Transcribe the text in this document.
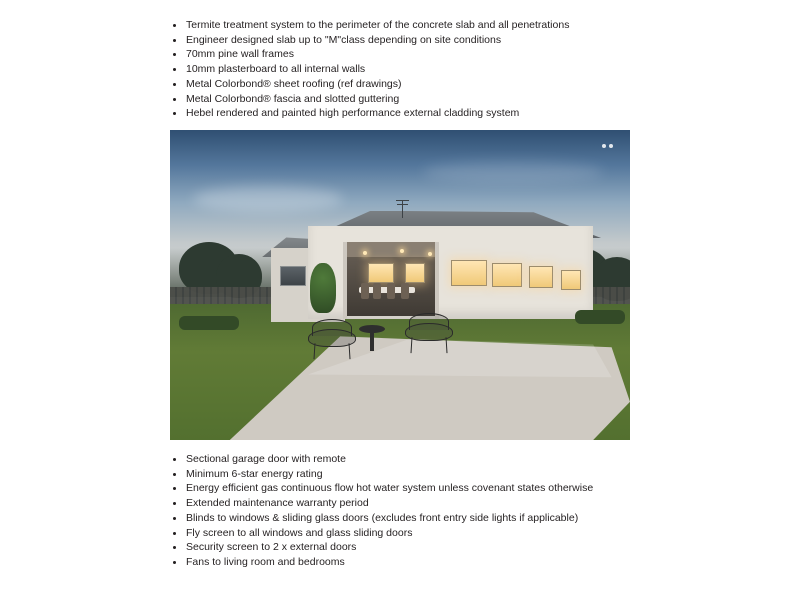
Termite treatment system to the perimeter of the concrete slab and all penetrations
Engineer designed slab up to "M"class depending on site conditions
70mm pine wall frames
10mm plasterboard to all internal walls
Metal Colorbond® sheet roofing (ref drawings)
Metal Colorbond® fascia and slotted guttering
Hebel rendered and painted high performance external cladding system
Sectional garage door with remote
Minimum 6-star energy rating
Energy efficient gas continuous flow hot water system unless covenant states otherwise
Extended maintenance warranty period
Blinds to windows & sliding glass doors (excludes front entry side lights if applicable)
Fly screen to all windows and glass sliding doors
Security screen to 2 x external doors
Fans to living room and bedrooms
